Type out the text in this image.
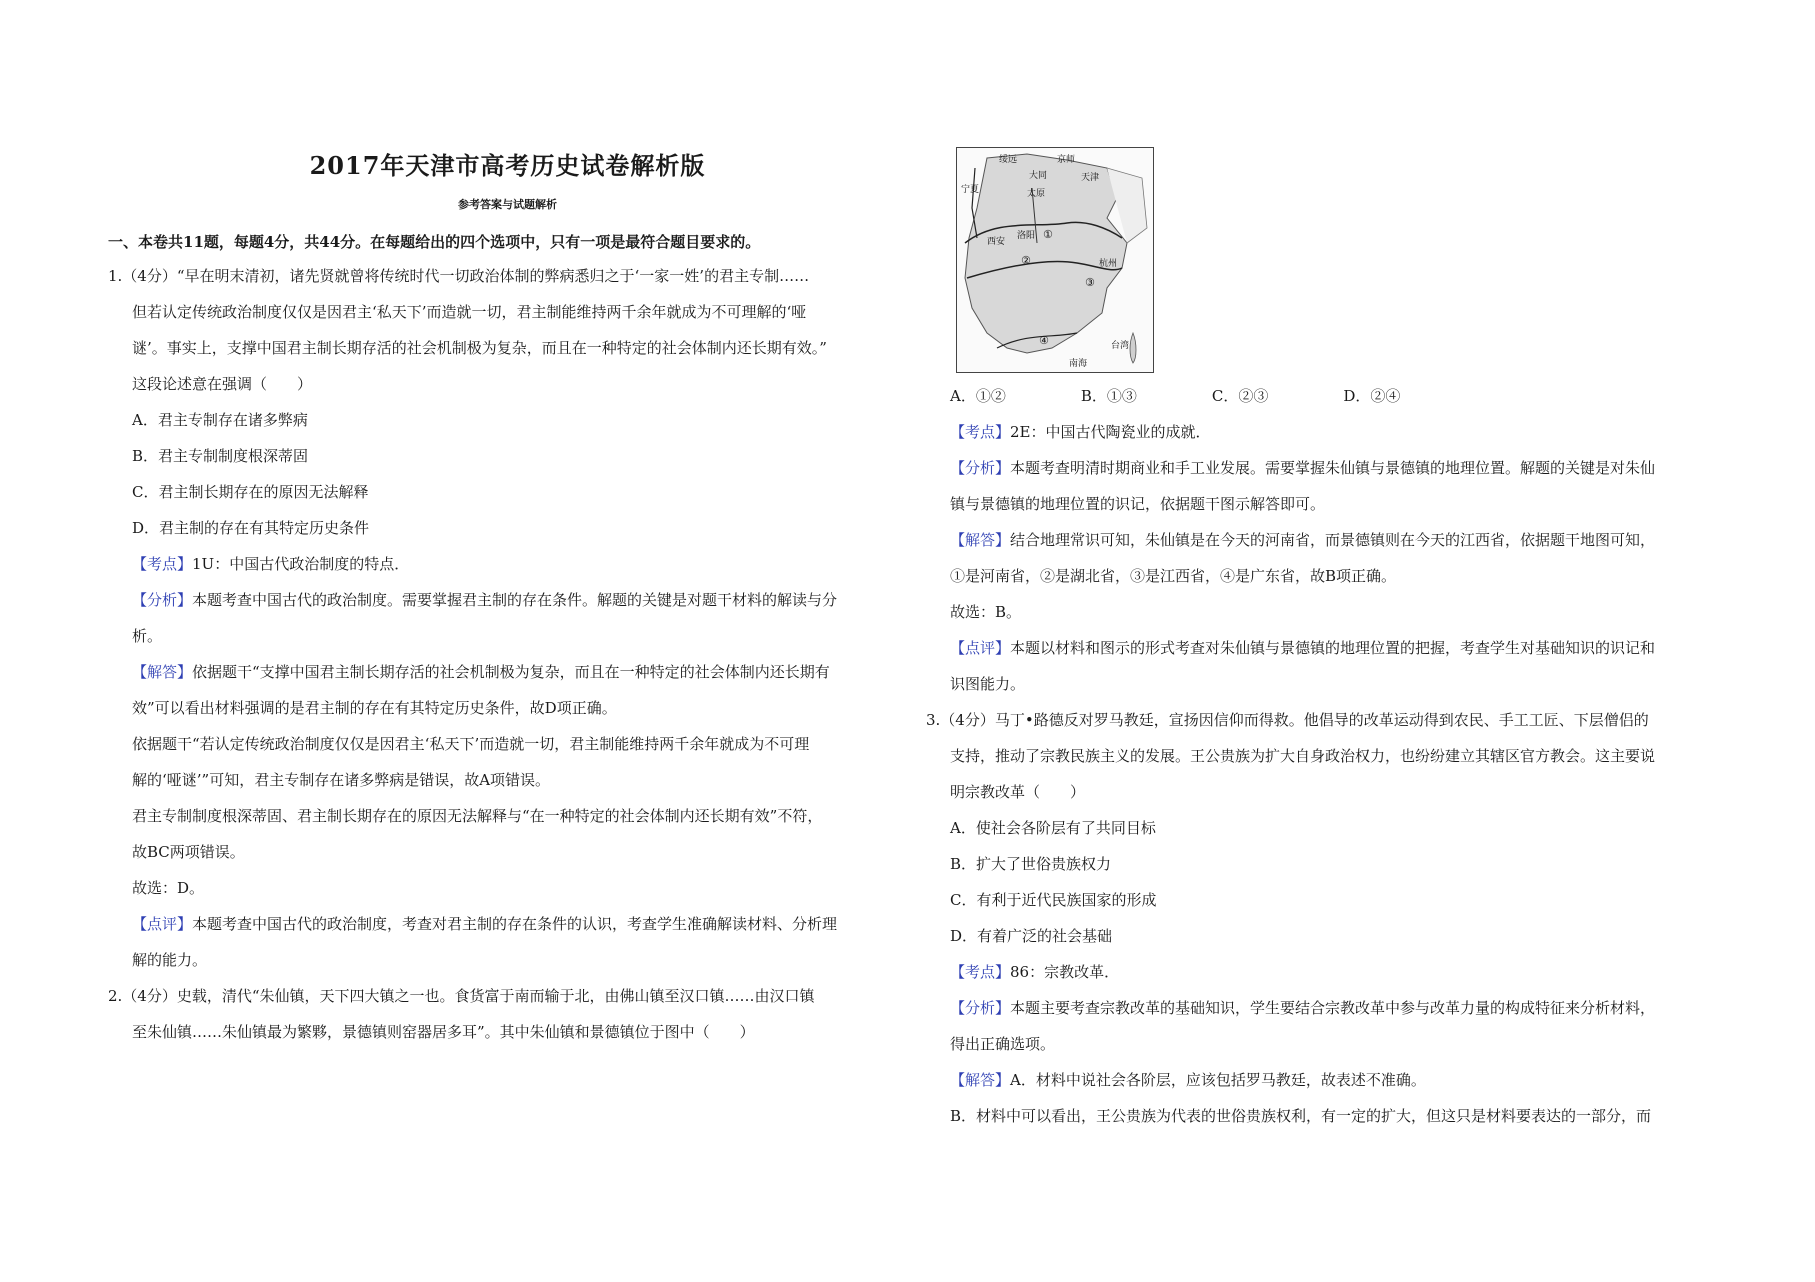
2017年天津市高考历史试卷解析版
参考答案与试题解析
一、本卷共11题，每题4分，共44分。在每题给出的四个选项中，只有一项是最符合题目要求的。
1.（4分）“早在明末清初，诸先贤就曾将传统时代一切政治体制的弊病悉归之于‘一家一姓’的君主专制……
但若认定传统政治制度仅仅是因君主‘私天下’而造就一切，君主制能维持两千余年就成为不可理解的‘哑
谜’。事实上，支撑中国君主制长期存活的社会机制极为复杂，而且在一种特定的社会体制内还长期有效。”
这段论述意在强调（　　）
A．君主专制存在诸多弊病
B．君主专制制度根深蒂固
C．君主制长期存在的原因无法解释
D．君主制的存在有其特定历史条件
【考点】1U：中国古代政治制度的特点．
【分析】本题考查中国古代的政治制度。需要掌握君主制的存在条件。解题的关键是对题干材料的解读与分
析。
【解答】依据题干“支撑中国君主制长期存活的社会机制极为复杂，而且在一种特定的社会体制内还长期有
效”可以看出材料强调的是君主制的存在有其特定历史条件，故D项正确。
依据题干“若认定传统政治制度仅仅是因君主‘私天下’而造就一切，君主制能维持两千余年就成为不可理
解的‘哑谜’”可知，君主专制存在诸多弊病是错误，故A项错误。
君主专制制度根深蒂固、君主制长期存在的原因无法解释与“在一种特定的社会体制内还长期有效”不符，
故BC两项错误。
故选：D。
【点评】本题考查中国古代的政治制度，考查对君主制的存在条件的认识，考查学生准确解读材料、分析理
解的能力。
2.（4分）史载，清代“朱仙镇，天下四大镇之一也。食货富于南而输于北，由佛山镇至汉口镇……由汉口镇
至朱仙镇……朱仙镇最为繁夥，景德镇则窑器居多耳”。其中朱仙镇和景德镇位于图中（　　）
绥远	京师
宁夏
大同	天津
太原
西安
洛阳 ①
②
③
杭州
④	台湾
南海
A．①②　　　　　B．①③　　　　　C．②③　　　　　D．②④
【考点】2E：中国古代陶瓷业的成就．
【分析】本题考查明清时期商业和手工业发展。需要掌握朱仙镇与景德镇的地理位置。解题的关键是对朱仙
镇与景德镇的地理位置的识记，依据题干图示解答即可。
【解答】结合地理常识可知，朱仙镇是在今天的河南省，而景德镇则在今天的江西省，依据题干地图可知，
①是河南省，②是湖北省，③是江西省，④是广东省，故B项正确。
故选：B。
【点评】本题以材料和图示的形式考查对朱仙镇与景德镇的地理位置的把握，考查学生对基础知识的识记和
识图能力。
3.（4分）马丁•路德反对罗马教廷，宣扬因信仰而得救。他倡导的改革运动得到农民、手工工匠、下层僧侣的
支持，推动了宗教民族主义的发展。王公贵族为扩大自身政治权力，也纷纷建立其辖区官方教会。这主要说
明宗教改革（　　）
A．使社会各阶层有了共同目标
B．扩大了世俗贵族权力
C．有利于近代民族国家的形成
D．有着广泛的社会基础
【考点】86：宗教改革．
【分析】本题主要考查宗教改革的基础知识，学生要结合宗教改革中参与改革力量的构成特征来分析材料，
得出正确选项。
【解答】A．材料中说社会各阶层，应该包括罗马教廷，故表述不准确。
B．材料中可以看出，王公贵族为代表的世俗贵族权利，有一定的扩大，但这只是材料要表达的一部分，而
